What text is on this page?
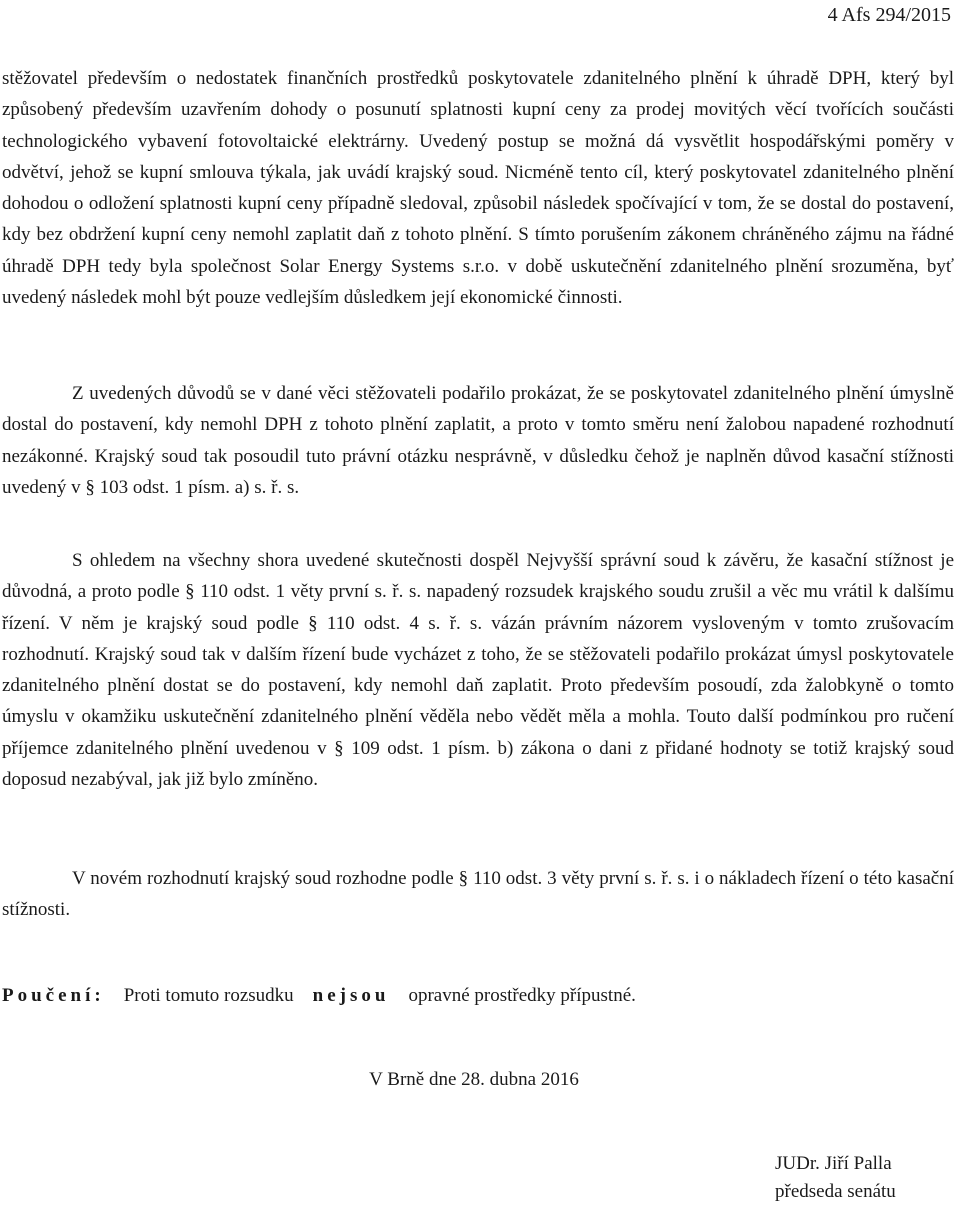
4 Afs 294/2015

stěžovatel především o nedostatek finančních prostředků poskytovatele zdanitelného plnění k úhradě DPH, který byl způsobený především uzavřením dohody o posunutí splatnosti kupní ceny za prodej movitých věcí tvořících součásti technologického vybavení fotovoltaické elektrárny. Uvedený postup se možná dá vysvětlit hospodářskými poměry v odvětví, jehož se kupní smlouva týkala, jak uvádí krajský soud. Nicméně tento cíl, který poskytovatel zdanitelného plnění dohodou o odložení splatnosti kupní ceny případně sledoval, způsobil následek spočívající v tom, že se dostal do postavení, kdy bez obdržení kupní ceny nemohl zaplatit daň z tohoto plnění. S tímto porušením zákonem chráněného zájmu na řádné úhradě DPH tedy byla společnost Solar Energy Systems s.r.o. v době uskutečnění zdanitelného plnění srozuměna, byť uvedený následek mohl být pouze vedlejším důsledkem její ekonomické činnosti.

Z uvedených důvodů se v dané věci stěžovateli podařilo prokázat, že se poskytovatel zdanitelného plnění úmyslně dostal do postavení, kdy nemohl DPH z tohoto plnění zaplatit, a proto v tomto směru není žalobou napadené rozhodnutí nezákonné. Krajský soud tak posoudil tuto právní otázku nesprávně, v důsledku čehož je naplněn důvod kasační stížnosti uvedený v § 103 odst. 1 písm. a) s. ř. s.

S ohledem na všechny shora uvedené skutečnosti dospěl Nejvyšší správní soud k závěru, že kasační stížnost je důvodná, a proto podle § 110 odst. 1 věty první s. ř. s. napadený rozsudek krajského soudu zrušil a věc mu vrátil k dalšímu řízení. V něm je krajský soud podle § 110 odst. 4 s. ř. s. vázán právním názorem vysloveným v tomto zrušovacím rozhodnutí. Krajský soud tak v dalším řízení bude vycházet z toho, že se stěžovateli podařilo prokázat úmysl poskytovatele zdanitelného plnění dostat se do postavení, kdy nemohl daň zaplatit. Proto především posoudí, zda žalobkyně o tomto úmyslu v okamžiku uskutečnění zdanitelného plnění věděla nebo vědět měla a mohla. Touto další podmínkou pro ručení příjemce zdanitelného plnění uvedenou v § 109 odst. 1 písm. b) zákona o dani z přidané hodnoty se totiž krajský soud doposud nezabýval, jak již bylo zmíněno.

V novém rozhodnutí krajský soud rozhodne podle § 110 odst. 3 věty první s. ř. s. i o nákladech řízení o této kasační stížnosti.

Poučení: Proti tomuto rozsudku nejsou opravné prostředky přípustné.
V Brně dne 28. dubna 2016
JUDr. Jiří Palla
předseda senátu
